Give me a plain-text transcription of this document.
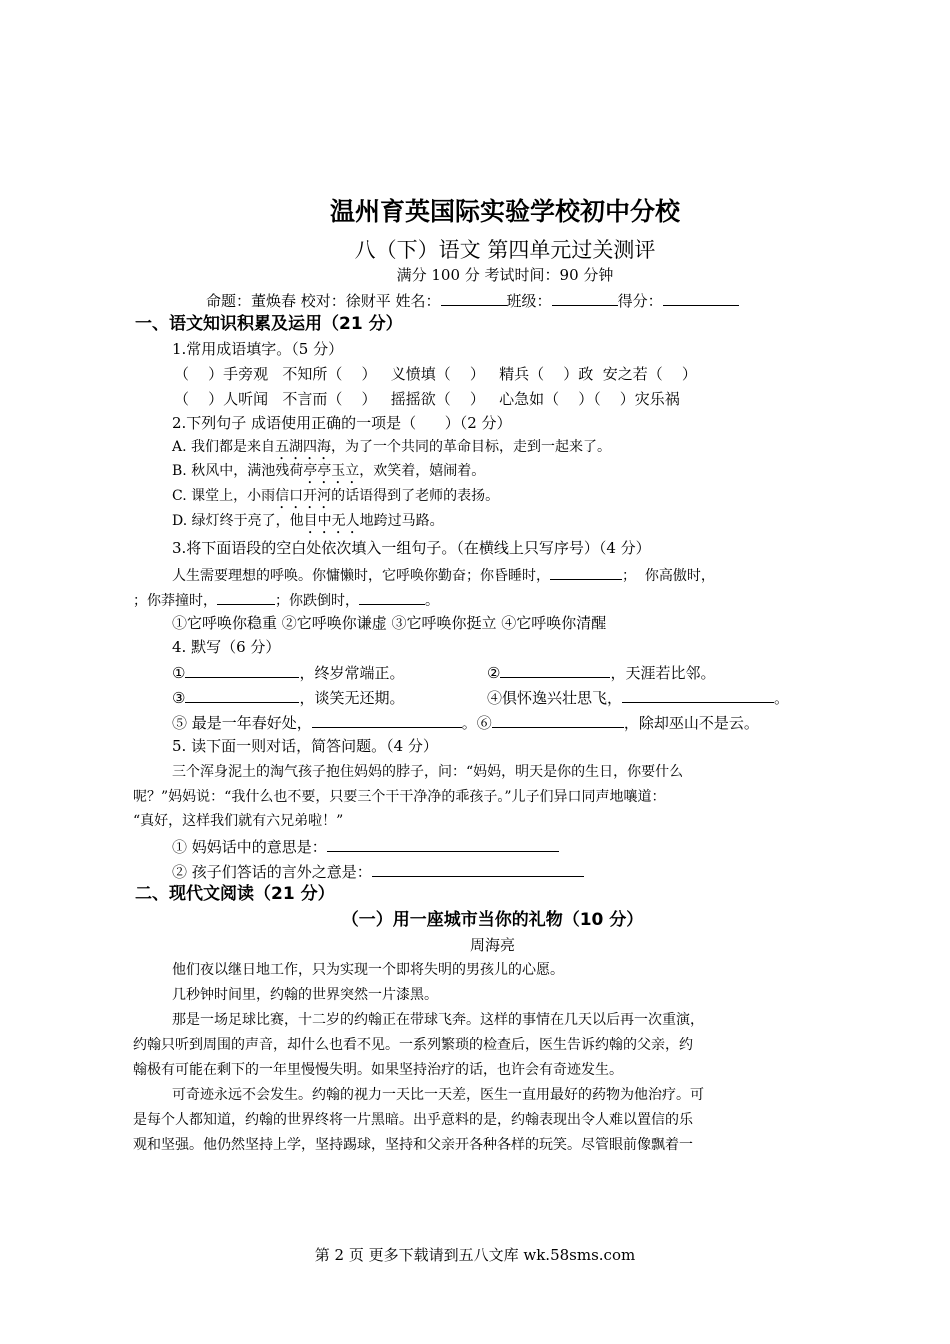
温州育英国际实验学校初中分校
八（下）语文 第四单元过关测评
满分 100 分 考试时间：90 分钟
命题：董焕春 校对：徐财平 姓名：	班级：	得分：
一、语文知识积累及运用（21 分）
1.常用成语填字。（5 分）
（    ）手旁观   不知所（    ）   义愤填（    ）   精兵（    ）政  安之若（    ）
（    ）人听闻   不言而（    ）   摇摇欲（    ）   心急如（    ）（    ）灾乐祸
2.下列句子 成语使用正确的一项是（      ）（2 分）
A. 我们都是来自五湖四海，为了一个共同的革命目标，走到一起来了。
B. 秋风中，满池残荷亭亭玉立，欢笑着，嬉闹着。
C. 课堂上，小雨信口开河的话语得到了老师的表扬。
D. 绿灯终于亮了，他目中无人地跨过马路。
3.将下面语段的空白处依次填入一组句子。（在横线上只写序号）（4 分）
人生需要理想的呼唤。你慵懒时，它呼唤你勤奋；你昏睡时，	；  你高傲时，
；你莽撞时，	；你跌倒时，	。
①它呼唤你稳重 ②它呼唤你谦虚 ③它呼唤你挺立 ④它呼唤你清醒
4. 默写（6 分）
①	，终岁常端正。	②	，天涯若比邻。
③	，谈笑无还期。	④俱怀逸兴壮思飞，	。
⑤ 最是一年春好处，	。⑥	，除却巫山不是云。
5. 读下面一则对话，简答问题。（4 分）
三个浑身泥土的淘气孩子抱住妈妈的脖子，问：“妈妈，明天是你的生日，你要什么
呢？”妈妈说：“我什么也不要，只要三个干干净净的乖孩子。”儿子们异口同声地嚷道：
“真好，这样我们就有六兄弟啦！”
① 妈妈话中的意思是：
② 孩子们答话的言外之意是：
二、现代文阅读（21 分）
（一）用一座城市当你的礼物（10 分）
周海亮
他们夜以继日地工作，只为实现一个即将失明的男孩儿的心愿。
几秒钟时间里，约翰的世界突然一片漆黑。
那是一场足球比赛，十二岁的约翰正在带球飞奔。这样的事情在几天以后再一次重演，
约翰只听到周围的声音，却什么也看不见。一系列繁琐的检查后，医生告诉约翰的父亲，约
翰极有可能在剩下的一年里慢慢失明。如果坚持治疗的话，也许会有奇迹发生。
可奇迹永远不会发生。约翰的视力一天比一天差，医生一直用最好的药物为他治疗。可
是每个人都知道，约翰的世界终将一片黑暗。出乎意料的是，约翰表现出令人难以置信的乐
观和坚强。他仍然坚持上学，坚持踢球，坚持和父亲开各种各样的玩笑。尽管眼前像飘着一
第 2 页 更多下载请到五八文库 wk.58sms.com
